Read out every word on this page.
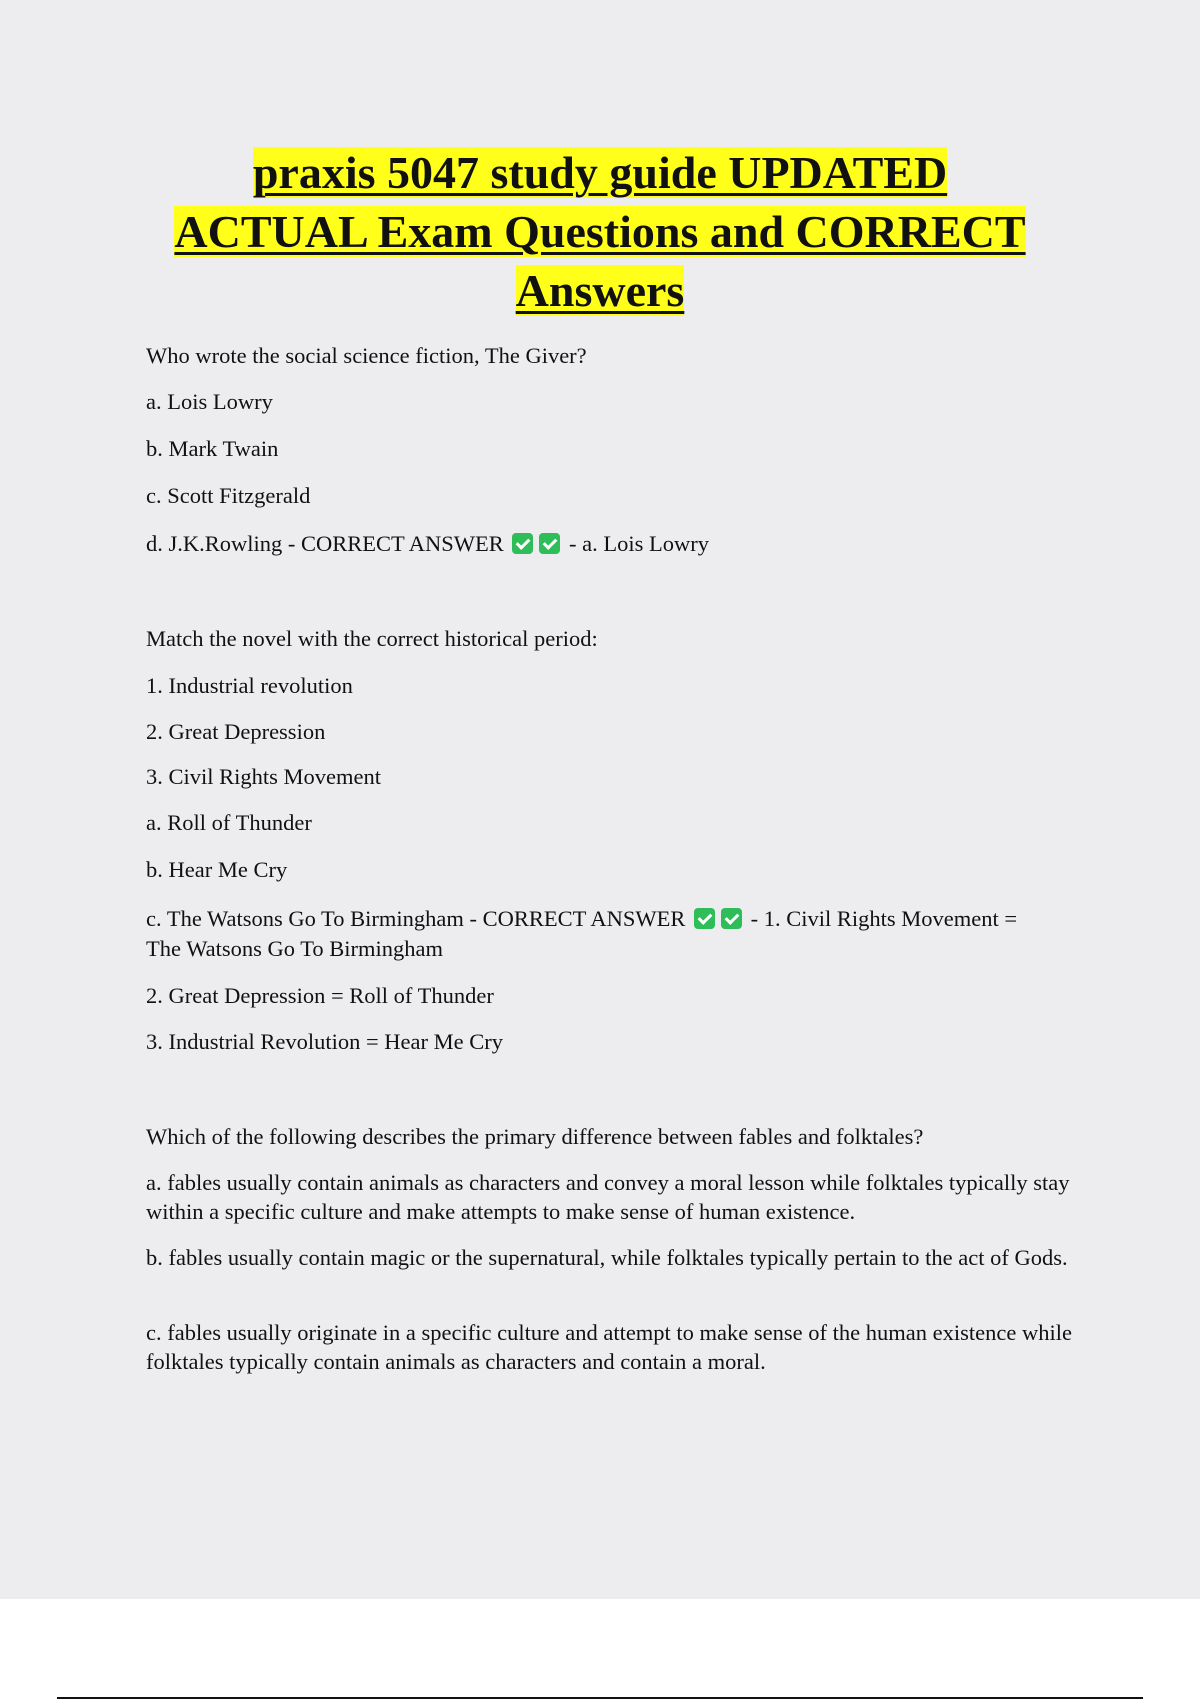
praxis 5047 study guide UPDATED
ACTUAL Exam Questions and CORRECT
Answers

Who wrote the social science fiction, The Giver?

a. Lois Lowry

b. Mark Twain

c. Scott Fitzgerald

d. J.K.Rowling - CORRECT ANSWER	- a. Lois Lowry

Match the novel with the correct historical period:

1. Industrial revolution

2. Great Depression

3. Civil Rights Movement

a. Roll of Thunder

b. Hear Me Cry

c. The Watsons Go To Birmingham - CORRECT ANSWER	- 1. Civil Rights Movement =

The Watsons Go To Birmingham

2. Great Depression = Roll of Thunder

3. Industrial Revolution = Hear Me Cry

Which of the following describes the primary difference between fables and folktales?

a. fables usually contain animals as characters and convey a moral lesson while folktales typically stay within a specific culture and make attempts to make sense of human existence.

b. fables usually contain magic or the supernatural, while folktales typically pertain to the act of Gods.

c. fables usually originate in a specific culture and attempt to make sense of the human existence while folktales typically contain animals as characters and contain a moral.
